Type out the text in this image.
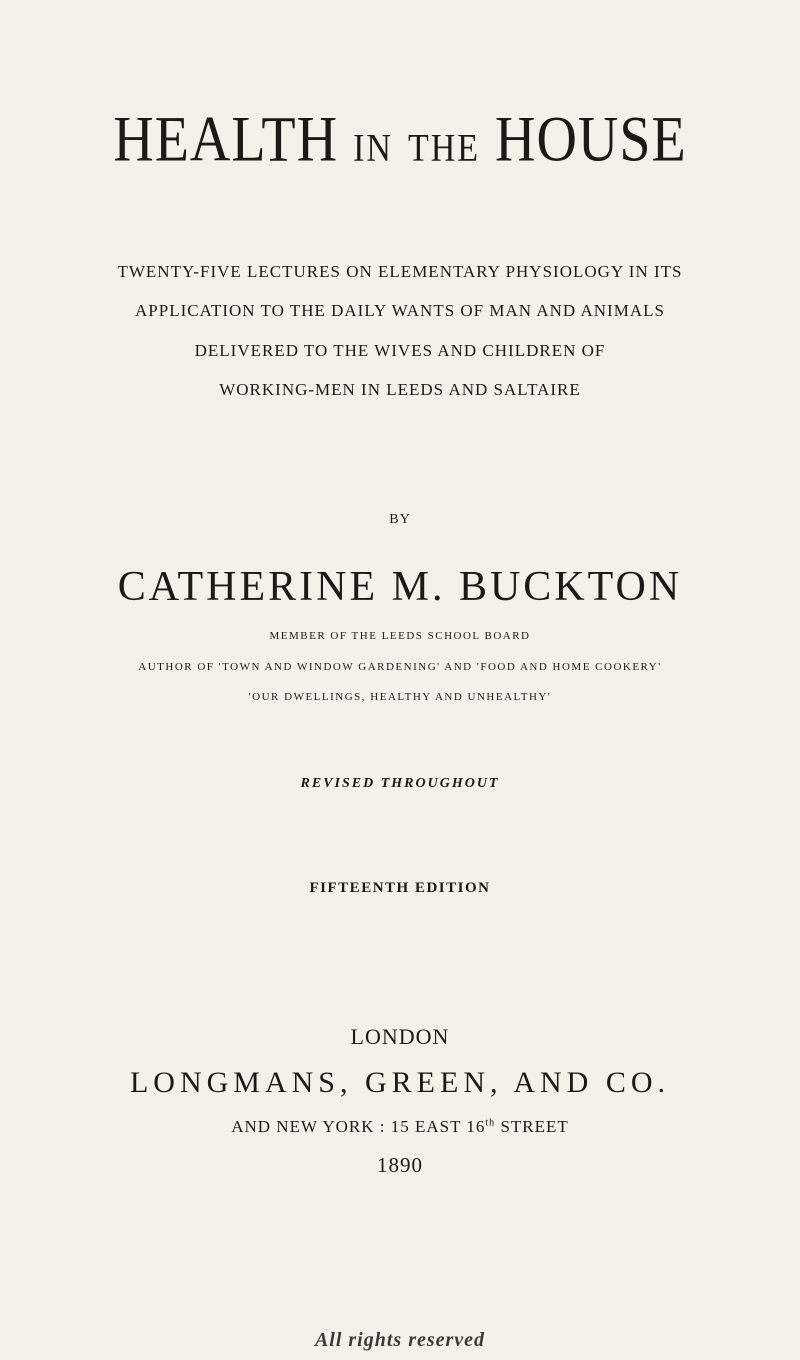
HEALTH IN THE HOUSE
TWENTY-FIVE LECTURES ON ELEMENTARY PHYSIOLOGY IN ITS
APPLICATION TO THE DAILY WANTS OF MAN AND ANIMALS
DELIVERED TO THE WIVES AND CHILDREN OF
WORKING-MEN IN LEEDS AND SALTAIRE
BY
CATHERINE M. BUCKTON
MEMBER OF THE LEEDS SCHOOL BOARD
AUTHOR OF 'TOWN AND WINDOW GARDENING' AND 'FOOD AND HOME COOKERY'
'OUR DWELLINGS, HEALTHY AND UNHEALTHY'
REVISED THROUGHOUT
FIFTEENTH EDITION
LONDON
LONGMANS, GREEN, AND CO.
AND NEW YORK : 15 EAST 16th STREET
1890
All rights reserved
